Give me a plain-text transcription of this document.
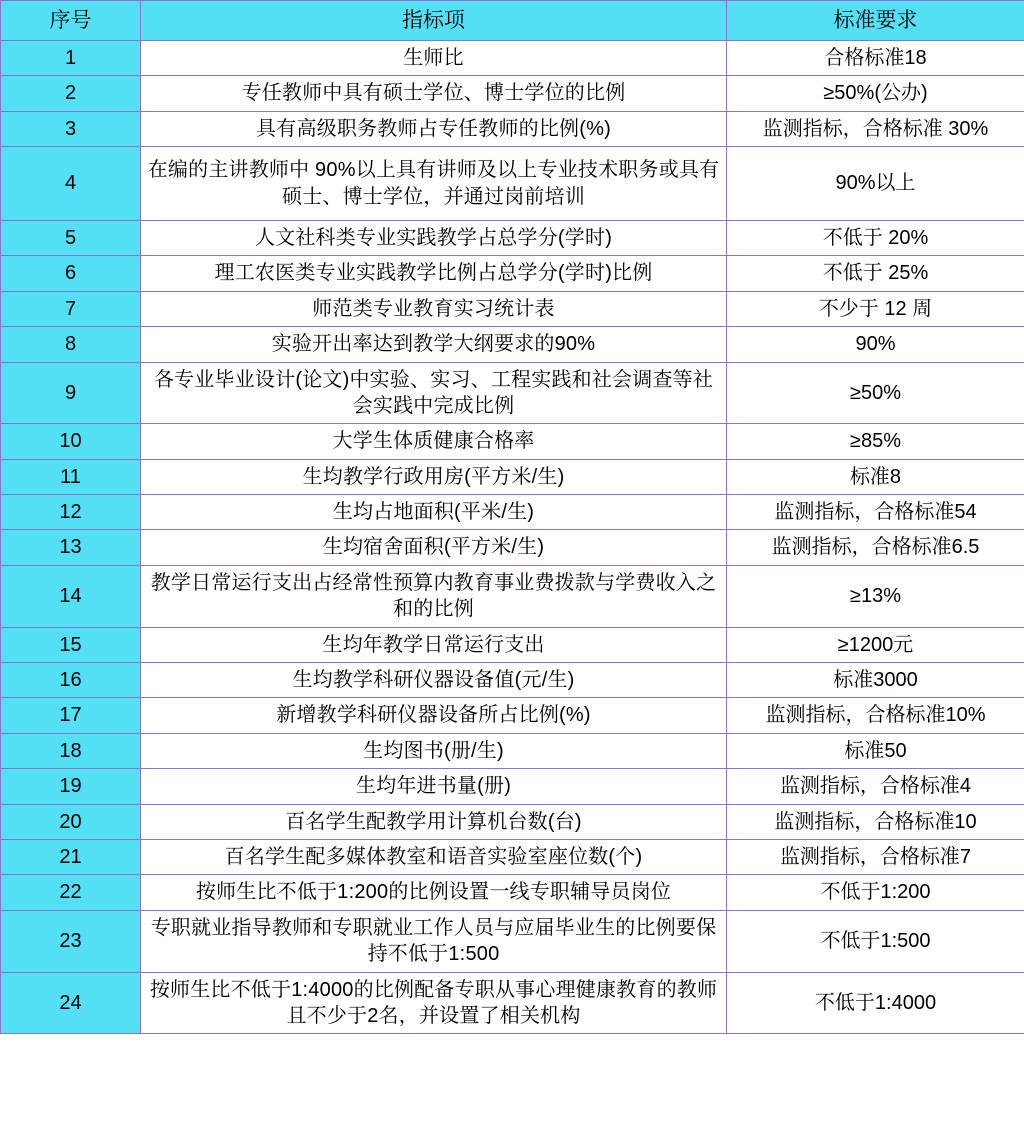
序号	指标项	标准要求
1	生师比	合格标准18
2	专任教师中具有硕士学位、博士学位的比例	≥50%(公办)
3	具有高级职务教师占专任教师的比例(%)	监测指标，合格标准 30%
4	在编的主讲教师中 90%以上具有讲师及以上专业技术职务或具有硕士、博士学位，并通过岗前培训	90%以上
5	人文社科类专业实践教学占总学分(学时)	不低于 20%
6	理工农医类专业实践教学比例占总学分(学时)比例	不低于 25%
7	师范类专业教育实习统计表	不少于 12 周
8	实验开出率达到教学大纲要求的90%	90%
9	各专业毕业设计(论文)中实验、实习、工程实践和社会调查等社会实践中完成比例	≥50%
10	大学生体质健康合格率	≥85%
11	生均教学行政用房(平方米/生)	标准8
12	生均占地面积(平米/生)	监测指标，合格标准54
13	生均宿舍面积(平方米/生)	监测指标，合格标准6.5
14	教学日常运行支出占经常性预算内教育事业费拨款与学费收入之和的比例	≥13%
15	生均年教学日常运行支出	≥1200元
16	生均教学科研仪器设备值(元/生)	标准3000
17	新增教学科研仪器设备所占比例(%)	监测指标，合格标准10%
18	生均图书(册/生)	标准50
19	生均年进书量(册)	监测指标，合格标准4
20	百名学生配教学用计算机台数(台)	监测指标，合格标准10
21	百名学生配多媒体教室和语音实验室座位数(个)	监测指标，合格标准7
22	按师生比不低于1:200的比例设置一线专职辅导员岗位	不低于1:200
23	专职就业指导教师和专职就业工作人员与应届毕业生的比例要保持不低于1:500	不低于1:500
24	按师生比不低于1:4000的比例配备专职从事心理健康教育的教师且不少于2名，并设置了相关机构	不低于1:4000
